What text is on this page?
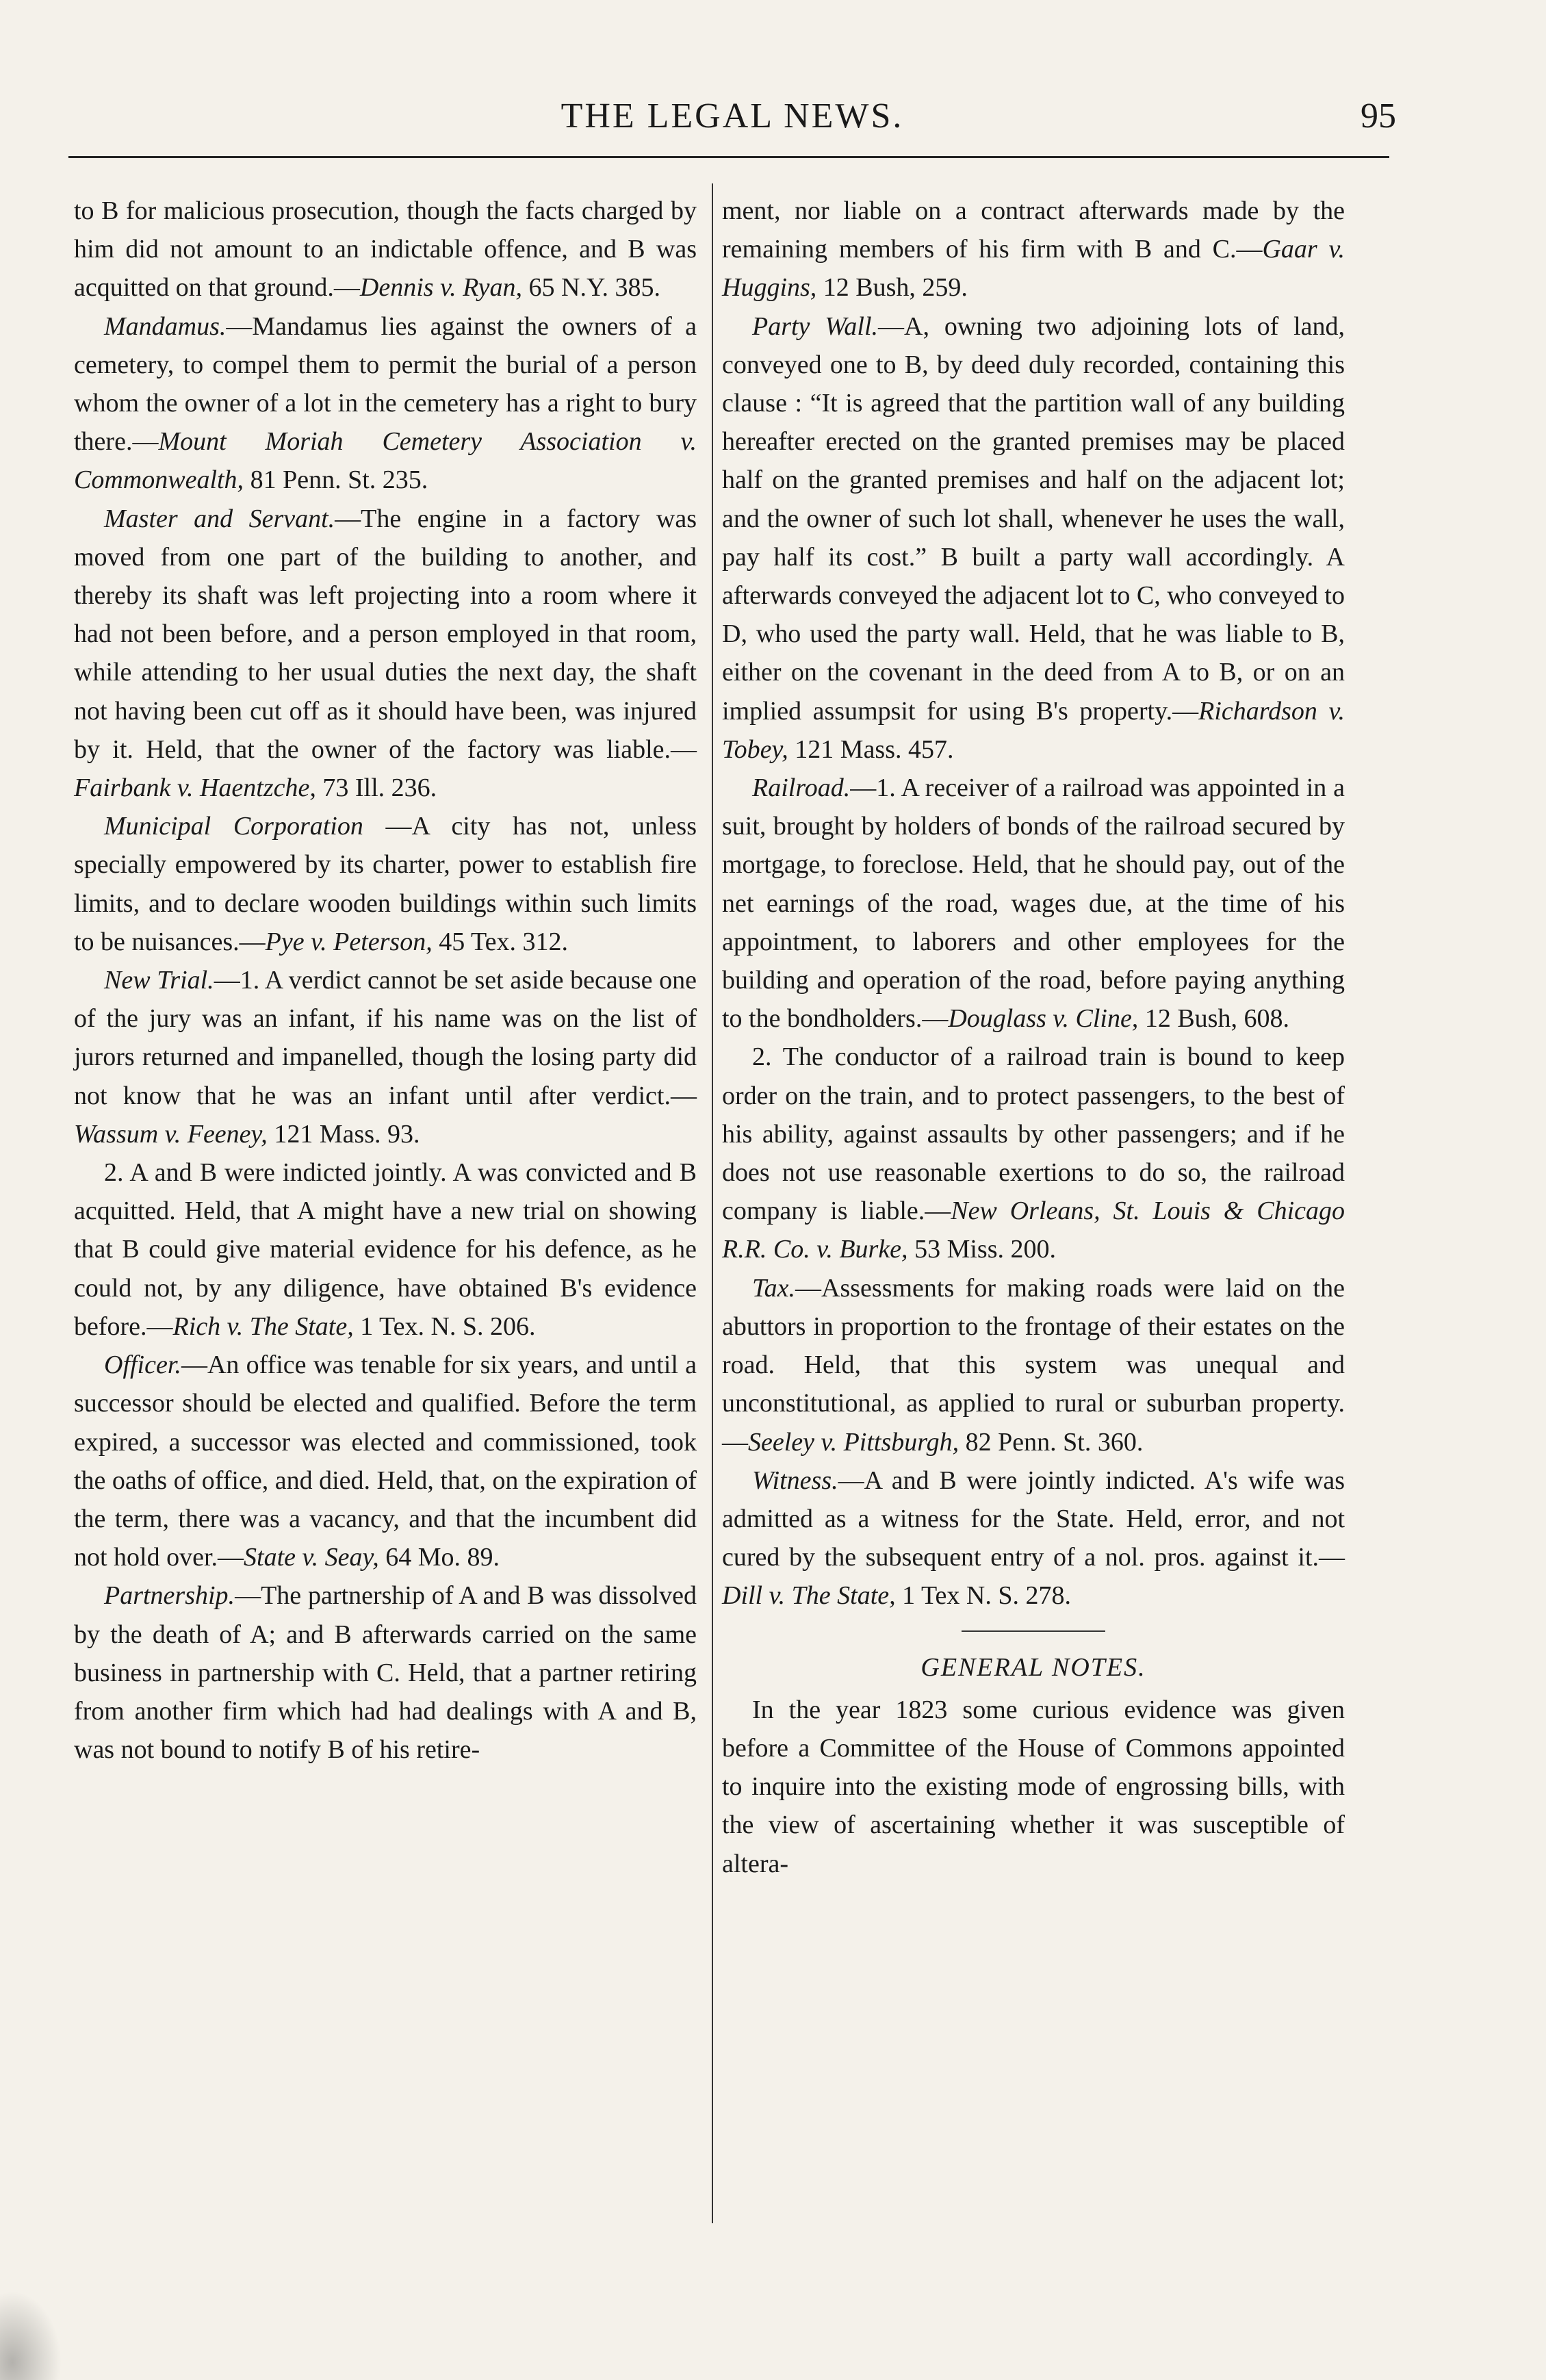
THE LEGAL NEWS.	95

to B for malicious prosecution, though the facts charged by him did not amount to an indictable offence, and B was acquitted on that ground.—Dennis v. Ryan, 65 N.Y. 385.

Mandamus.—Mandamus lies against the owners of a cemetery, to compel them to permit the burial of a person whom the owner of a lot in the cemetery has a right to bury there.—Mount Moriah Cemetery Association v. Commonwealth, 81 Penn. St. 235.

Master and Servant.—The engine in a factory was moved from one part of the building to another, and thereby its shaft was left projecting into a room where it had not been before, and a person employed in that room, while attending to her usual duties the next day, the shaft not having been cut off as it should have been, was injured by it. Held, that the owner of the factory was liable.—Fairbank v. Haentzche, 73 Ill. 236.

Municipal Corporation —A city has not, unless specially empowered by its charter, power to establish fire limits, and to declare wooden buildings within such limits to be nuisances.—Pye v. Peterson, 45 Tex. 312.

New Trial.—1. A verdict cannot be set aside because one of the jury was an infant, if his name was on the list of jurors returned and impanelled, though the losing party did not know that he was an infant until after verdict.—Wassum v. Feeney, 121 Mass. 93.

2. A and B were indicted jointly. A was convicted and B acquitted. Held, that A might have a new trial on showing that B could give material evidence for his defence, as he could not, by any diligence, have obtained B's evidence before.—Rich v. The State, 1 Tex. N. S. 206.

Officer.—An office was tenable for six years, and until a successor should be elected and qualified. Before the term expired, a successor was elected and commissioned, took the oaths of office, and died. Held, that, on the expiration of the term, there was a vacancy, and that the incumbent did not hold over.—State v. Seay, 64 Mo. 89.

Partnership.—The partnership of A and B was dissolved by the death of A; and B afterwards carried on the same business in partnership with C. Held, that a partner retiring from another firm which had had dealings with A and B, was not bound to notify B of his retire-

ment, nor liable on a contract afterwards made by the remaining members of his firm with B and C.—Gaar v. Huggins, 12 Bush, 259.

Party Wall.—A, owning two adjoining lots of land, conveyed one to B, by deed duly recorded, containing this clause : “It is agreed that the partition wall of any building hereafter erected on the granted premises may be placed half on the granted premises and half on the adjacent lot; and the owner of such lot shall, whenever he uses the wall, pay half its cost.” B built a party wall accordingly. A afterwards conveyed the adjacent lot to C, who conveyed to D, who used the party wall. Held, that he was liable to B, either on the covenant in the deed from A to B, or on an implied assumpsit for using B's property.—Richardson v. Tobey, 121 Mass. 457.

Railroad.—1. A receiver of a railroad was appointed in a suit, brought by holders of bonds of the railroad secured by mortgage, to foreclose. Held, that he should pay, out of the net earnings of the road, wages due, at the time of his appointment, to laborers and other employees for the building and operation of the road, before paying anything to the bondholders.—Douglass v. Cline, 12 Bush, 608.

2. The conductor of a railroad train is bound to keep order on the train, and to protect passengers, to the best of his ability, against assaults by other passengers; and if he does not use reasonable exertions to do so, the railroad company is liable.—New Orleans, St. Louis & Chicago R.R. Co. v. Burke, 53 Miss. 200.

Tax.—Assessments for making roads were laid on the abuttors in proportion to the frontage of their estates on the road. Held, that this system was unequal and unconstitutional, as applied to rural or suburban property.—Seeley v. Pittsburgh, 82 Penn. St. 360.

Witness.—A and B were jointly indicted. A's wife was admitted as a witness for the State. Held, error, and not cured by the subsequent entry of a nol. pros. against it.—Dill v. The State, 1 Tex N. S. 278.

GENERAL NOTES.

In the year 1823 some curious evidence was given before a Committee of the House of Commons appointed to inquire into the existing mode of engrossing bills, with the view of ascertaining whether it was susceptible of altera-
